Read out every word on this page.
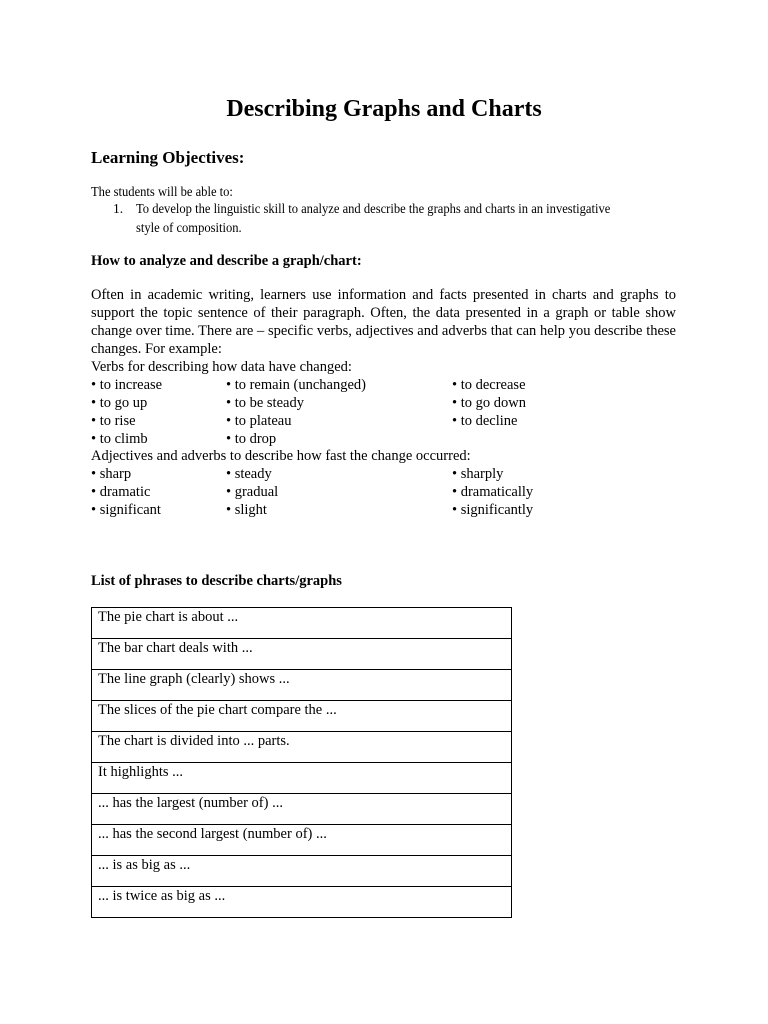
Describing Graphs and Charts
Learning Objectives:

The students will be able to:

1. To develop the linguistic skill to analyze and describe the graphs and charts in an investigative
style of composition.
How to analyze and describe a graph/chart:

Often in academic writing, learners use information and facts presented in charts and graphs to support the topic sentence of their paragraph. Often, the data presented in a graph or table show change over time. There are – specific verbs, adjectives and adverbs that can help you describe these changes. For example:

Verbs for describing how data have changed:

• to increase	• to remain (unchanged)	• to decrease
• to go up	• to be steady	• to go down
• to rise	• to plateau	• to decline
• to climb	• to drop

Adjectives and adverbs to describe how fast the change occurred:

• sharp	• steady	• sharply
• dramatic	• gradual	• dramatically
• significant	• slight	• significantly
List of phrases to describe charts/graphs
The pie chart is about ...
The bar chart deals with ...
The line graph (clearly) shows ...
The slices of the pie chart compare the ...
The chart is divided into ... parts.
It highlights ...
... has the largest (number of) ...
... has the second largest (number of) ...
... is as big as ...
... is twice as big as ...
